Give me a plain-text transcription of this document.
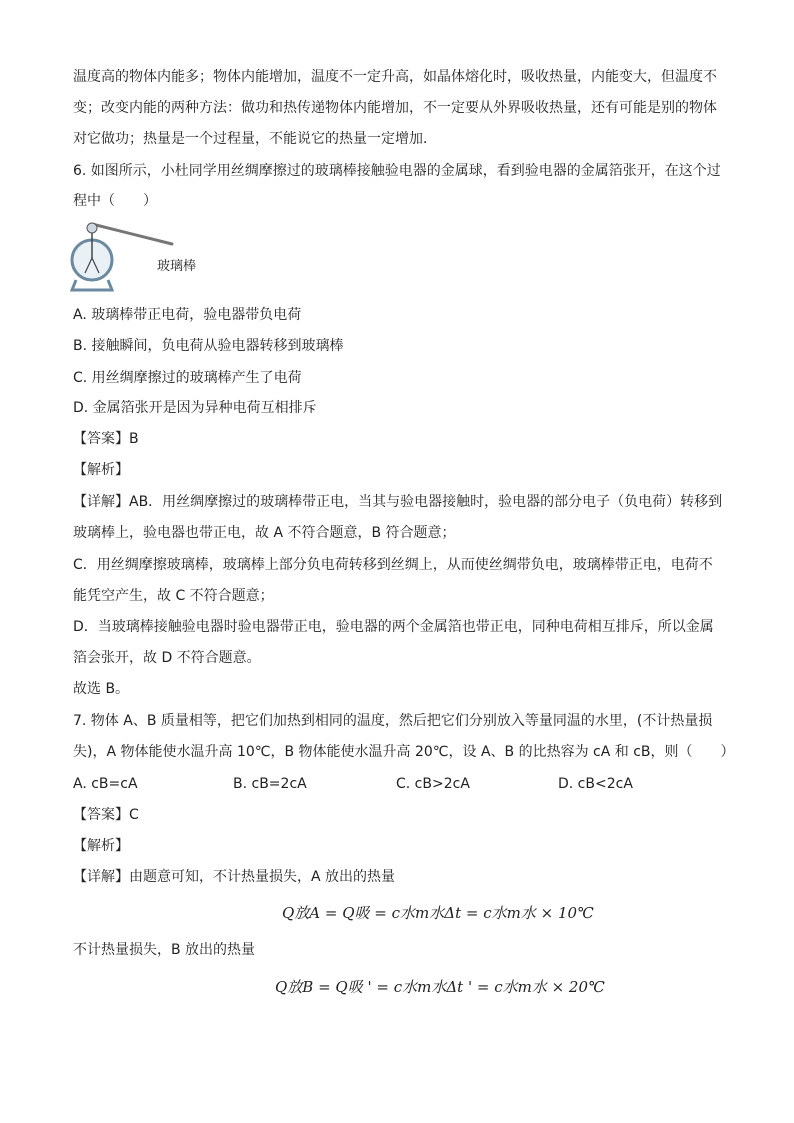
温度高的物体内能多；物体内能增加，温度不一定升高，如晶体熔化时，吸收热量，内能变大，但温度不
变；改变内能的两种方法：做功和热传递物体内能增加，不一定要从外界吸收热量，还有可能是别的物体
对它做功；热量是一个过程量，不能说它的热量一定增加．
6. 如图所示，小杜同学用丝绸摩擦过的玻璃棒接触验电器的金属球，看到验电器的金属箔张开，在这个过
程中（　　）
玻璃棒
A. 玻璃棒带正电荷，验电器带负电荷
B. 接触瞬间，负电荷从验电器转移到玻璃棒
C. 用丝绸摩擦过的玻璃棒产生了电荷
D. 金属箔张开是因为异种电荷互相排斥
【答案】B
【解析】
【详解】AB．用丝绸摩擦过的玻璃棒带正电，当其与验电器接触时，验电器的部分电子（负电荷）转移到
玻璃棒上，验电器也带正电，故 A 不符合题意，B 符合题意；
C．用丝绸摩擦玻璃棒，玻璃棒上部分负电荷转移到丝绸上，从而使丝绸带负电，玻璃棒带正电，电荷不
能凭空产生，故 C 不符合题意；
D．当玻璃棒接触验电器时验电器带正电，验电器的两个金属箔也带正电，同种电荷相互排斥，所以金属
箔会张开，故 D 不符合题意。
故选 B。
7. 物体 A、B 质量相等，把它们加热到相同的温度，然后把它们分别放入等量同温的水里，(不计热量损
失)，A 物体能使水温升高 10℃，B 物体能使水温升高 20℃，设 A、B 的比热容为 cA 和 cB，则（　　）
A. cB=cA	B. cB=2cA	C. cB>2cA	D. cB<2cA
【答案】C
【解析】
【详解】由题意可知，不计热量损失，A 放出的热量
Q放A = Q吸 = c水m水Δt = c水m水 × 10℃
不计热量损失，B 放出的热量
Q放B = Q吸 ' = c水m水Δt ' = c水m水 × 20℃
